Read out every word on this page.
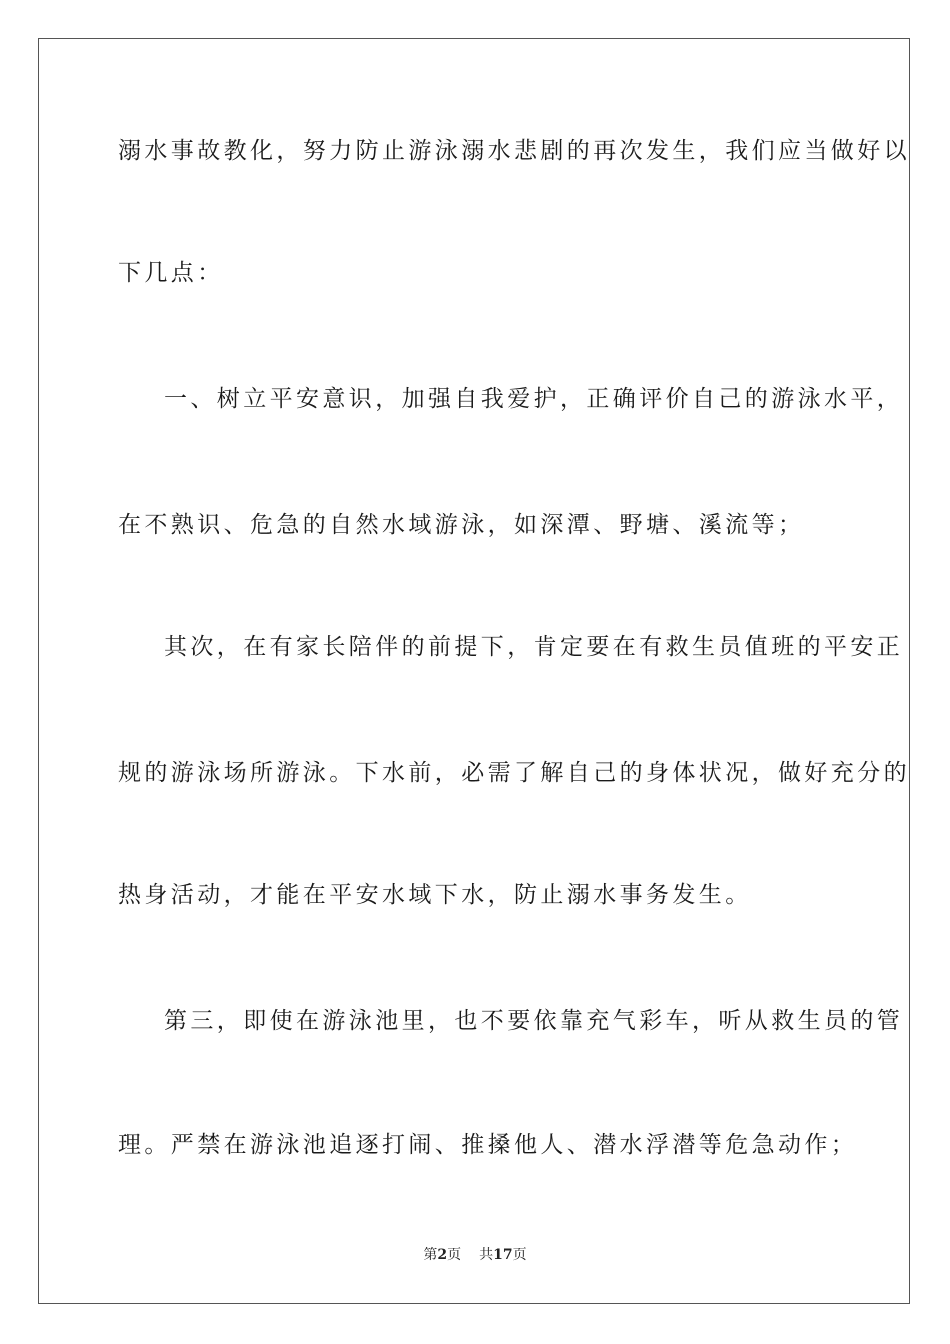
溺水事故教化，努力防止游泳溺水悲剧的再次发生，我们应当做好以
下几点：
一、树立平安意识，加强自我爱护，正确评价自己的游泳水平，
在不熟识、危急的自然水域游泳，如深潭、野塘、溪流等；
其次，在有家长陪伴的前提下，肯定要在有救生员值班的平安正
规的游泳场所游泳。下水前，必需了解自己的身体状况，做好充分的
热身活动，才能在平安水域下水，防止溺水事务发生。
第三，即使在游泳池里，也不要依靠充气彩车，听从救生员的管
理。严禁在游泳池追逐打闹、推搡他人、潜水浮潜等危急动作；
第2页 共17页
